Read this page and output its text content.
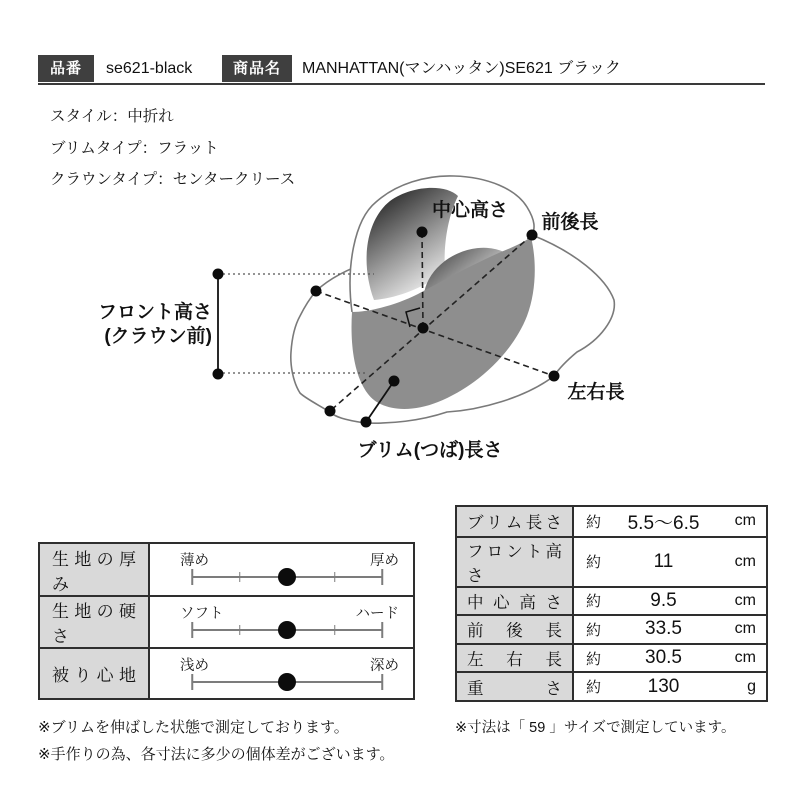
品番	se621-black	商品名	MANHATTAN(マンハッタン)SE621 ブラック
スタイル：中折れ
ブリムタイプ：フラット
クラウンタイプ：センタークリース
中心高さ
前後長
フロント高さ
(クラウン前)
左右長
ブリム(つば)長さ
生地の厚み
薄め	厚め
生地の硬さ
ソフト	ハード
被り心地	浅め	深め
ブリム長さ 約	5.5〜6.5	cm
フロント高さ
約	11	cm
中心高さ 約	9.5	cm
前後長 約	33.5	cm
左右長 約	30.5	cm
重さ 約	130	g
※ブリムを伸ばした状態で測定しております。
※手作りの為、各寸法に多少の個体差がございます。
※寸法は「 59 」サイズで測定しています。
